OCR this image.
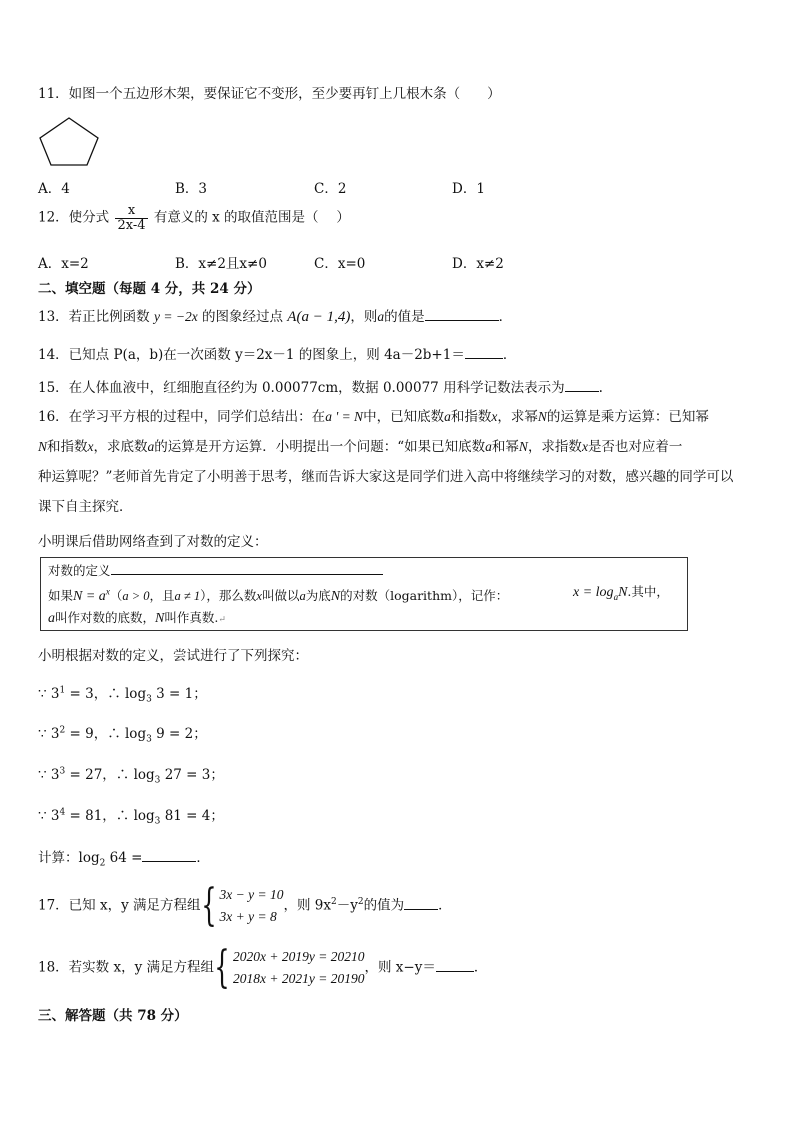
11．如图一个五边形木架，要保证它不变形，至少要再钉上几根木条（　　）
A．4	B．3	C．2	D．1
12．使分式 $\frac{x}{2x-4}$ 有意义的 x 的取值范围是（　 ）
A．x=2	B．x≠2且x≠0	C．x=0	D．x≠2
二、填空题（每题 4 分，共 24 分）
13．若正比例函数 y = −2x 的图象经过点 A(a − 1,4)，则a的值是	．
14．已知点 P(a，b)在一次函数 y＝2x－1 的图象上，则 4a－2b+1＝	．
15．在人体血液中，红细胞直径约为 0.00077cm，数据 0.00077 用科学记数法表示为	.
16．在学习平方根的过程中，同学们总结出：在a ' = N中，已知底数a和指数x，求幂N的运算是乘方运算：已知幂
N和指数x，求底数a的运算是开方运算．小明提出一个问题：“如果已知底数a和幂N，求指数x是否也对应着一
种运算呢？”老师首先肯定了小明善于思考，继而告诉大家这是同学们进入高中将继续学习的对数，感兴趣的同学可以
课下自主探究．
小明课后借助网络查到了对数的定义：
对数的定义
如果$N = a^x(a > 0$，且a ≠ 1），那么数x叫做以a为底N的对数（logarithm），记作：	$x = \log_aN$.其中，
a叫作对数的底数，N叫作真数.↵
小明根据对数的定义，尝试进行了下列探究：
∵ $3^1 = 3$，∴ $\log_3 3 = 1$；
∵ $3^2 = 9$，∴ $\log_3 9 = 2$；
∵ $3^3 = 27$，∴ $\log_3 27 = 3$；
∵ $3^4 = 81$，∴ $\log_3 81 = 4$；
计算：$\log_2 64$ =	．
17．已知 x，y 满足方程组{ 3x − y = 10
3x + y = 8
，则 $9x^2-y^2$的值为	．
18．若实数 x，y 满足方程组{ 2020x + 2019y = 20210
2018x + 2021y = 20190
，则 x−y＝	．
三、解答题（共 78 分）
